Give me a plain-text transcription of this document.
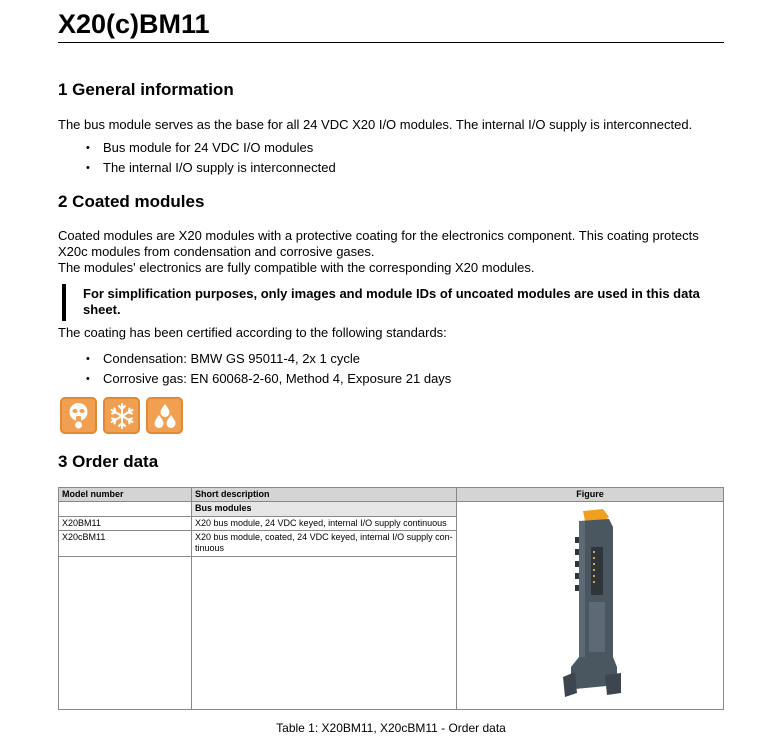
X20(c)BM11
1 General information

The bus module serves as the base for all 24 VDC X20 I/O modules. The internal I/O supply is interconnected.

• Bus module for 24 VDC I/O modules
• The internal I/O supply is interconnected
2 Coated modules

Coated modules are X20 modules with a protective coating for the electronics component. This coating protects X20c modules from condensation and corrosive gases.

The modules' electronics are fully compatible with the corresponding X20 modules.

For simplification purposes, only images and module IDs of uncoated modules are used in this data sheet.

The coating has been certified according to the following standards:

• Condensation: BMW GS 95011-4, 2x 1 cycle
• Corrosive gas: EN 60068-2-60, Method 4, Exposure 21 days
3 Order data
Model number	Short description	Figure
	Bus modules	
X20BM11	X20 bus module, 24 VDC keyed, internal I/O supply continuous	
X20cBM11	X20 bus module, coated, 24 VDC keyed, internal I/O supply con-tinuous	

Table 1: X20BM11, X20cBM11 - Order data
